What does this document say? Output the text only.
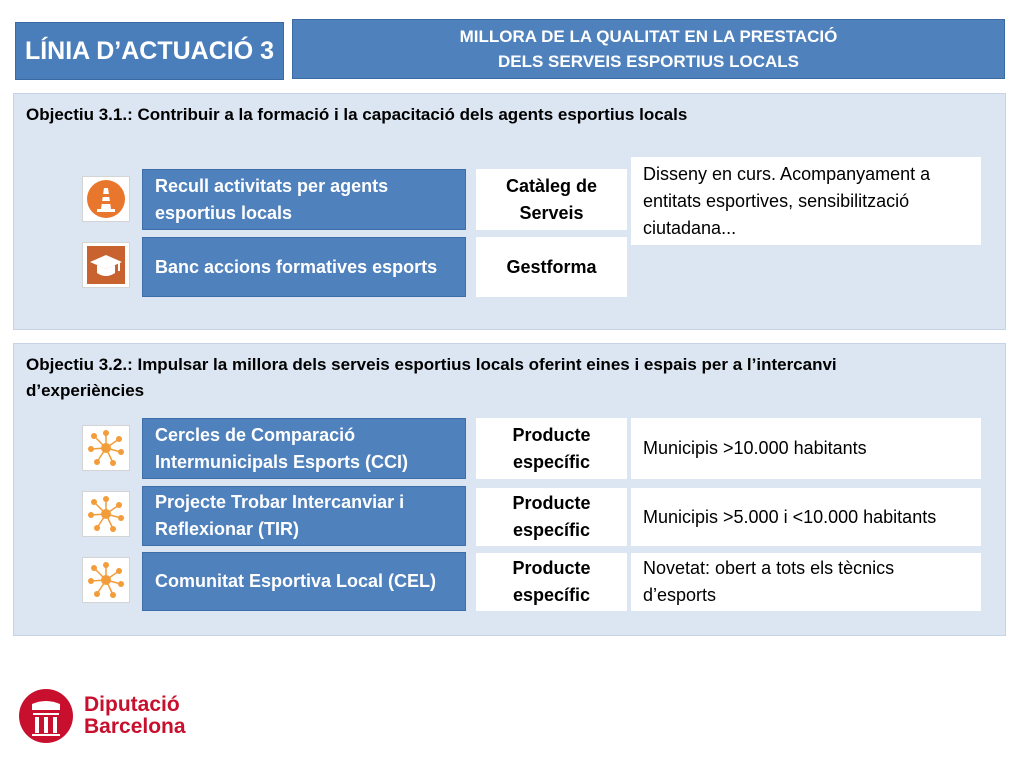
LÍNIA D’ACTUACIÓ 3	MILLORA DE LA QUALITAT EN LA PRESTACIÓ
DELS SERVEIS ESPORTIUS LOCALS
Objectiu 3.1.: Contribuir a la formació i la capacitació dels agents esportius locals
Recull activitats per agents esportius locals
Catàleg de Serveis
Banc accions formatives esports	Gestforma
Disseny en curs. Acompanyament a entitats esportives, sensibilització ciutadana...
Objectiu 3.2.: Impulsar la millora dels serveis esportius locals oferint eines i espais per a l’intercanvi
d’experiències
Cercles de Comparació Intermunicipals Esports (CCI)
Producte específic
Municipis >10.000 habitants
Projecte Trobar Intercanviar i Reflexionar (TIR)
Producte específic
Municipis >5.000 i <10.000 habitants
Comunitat Esportiva Local (CEL)
Producte específic
Novetat: obert a tots els tècnics d’esports
Diputació
Barcelona
